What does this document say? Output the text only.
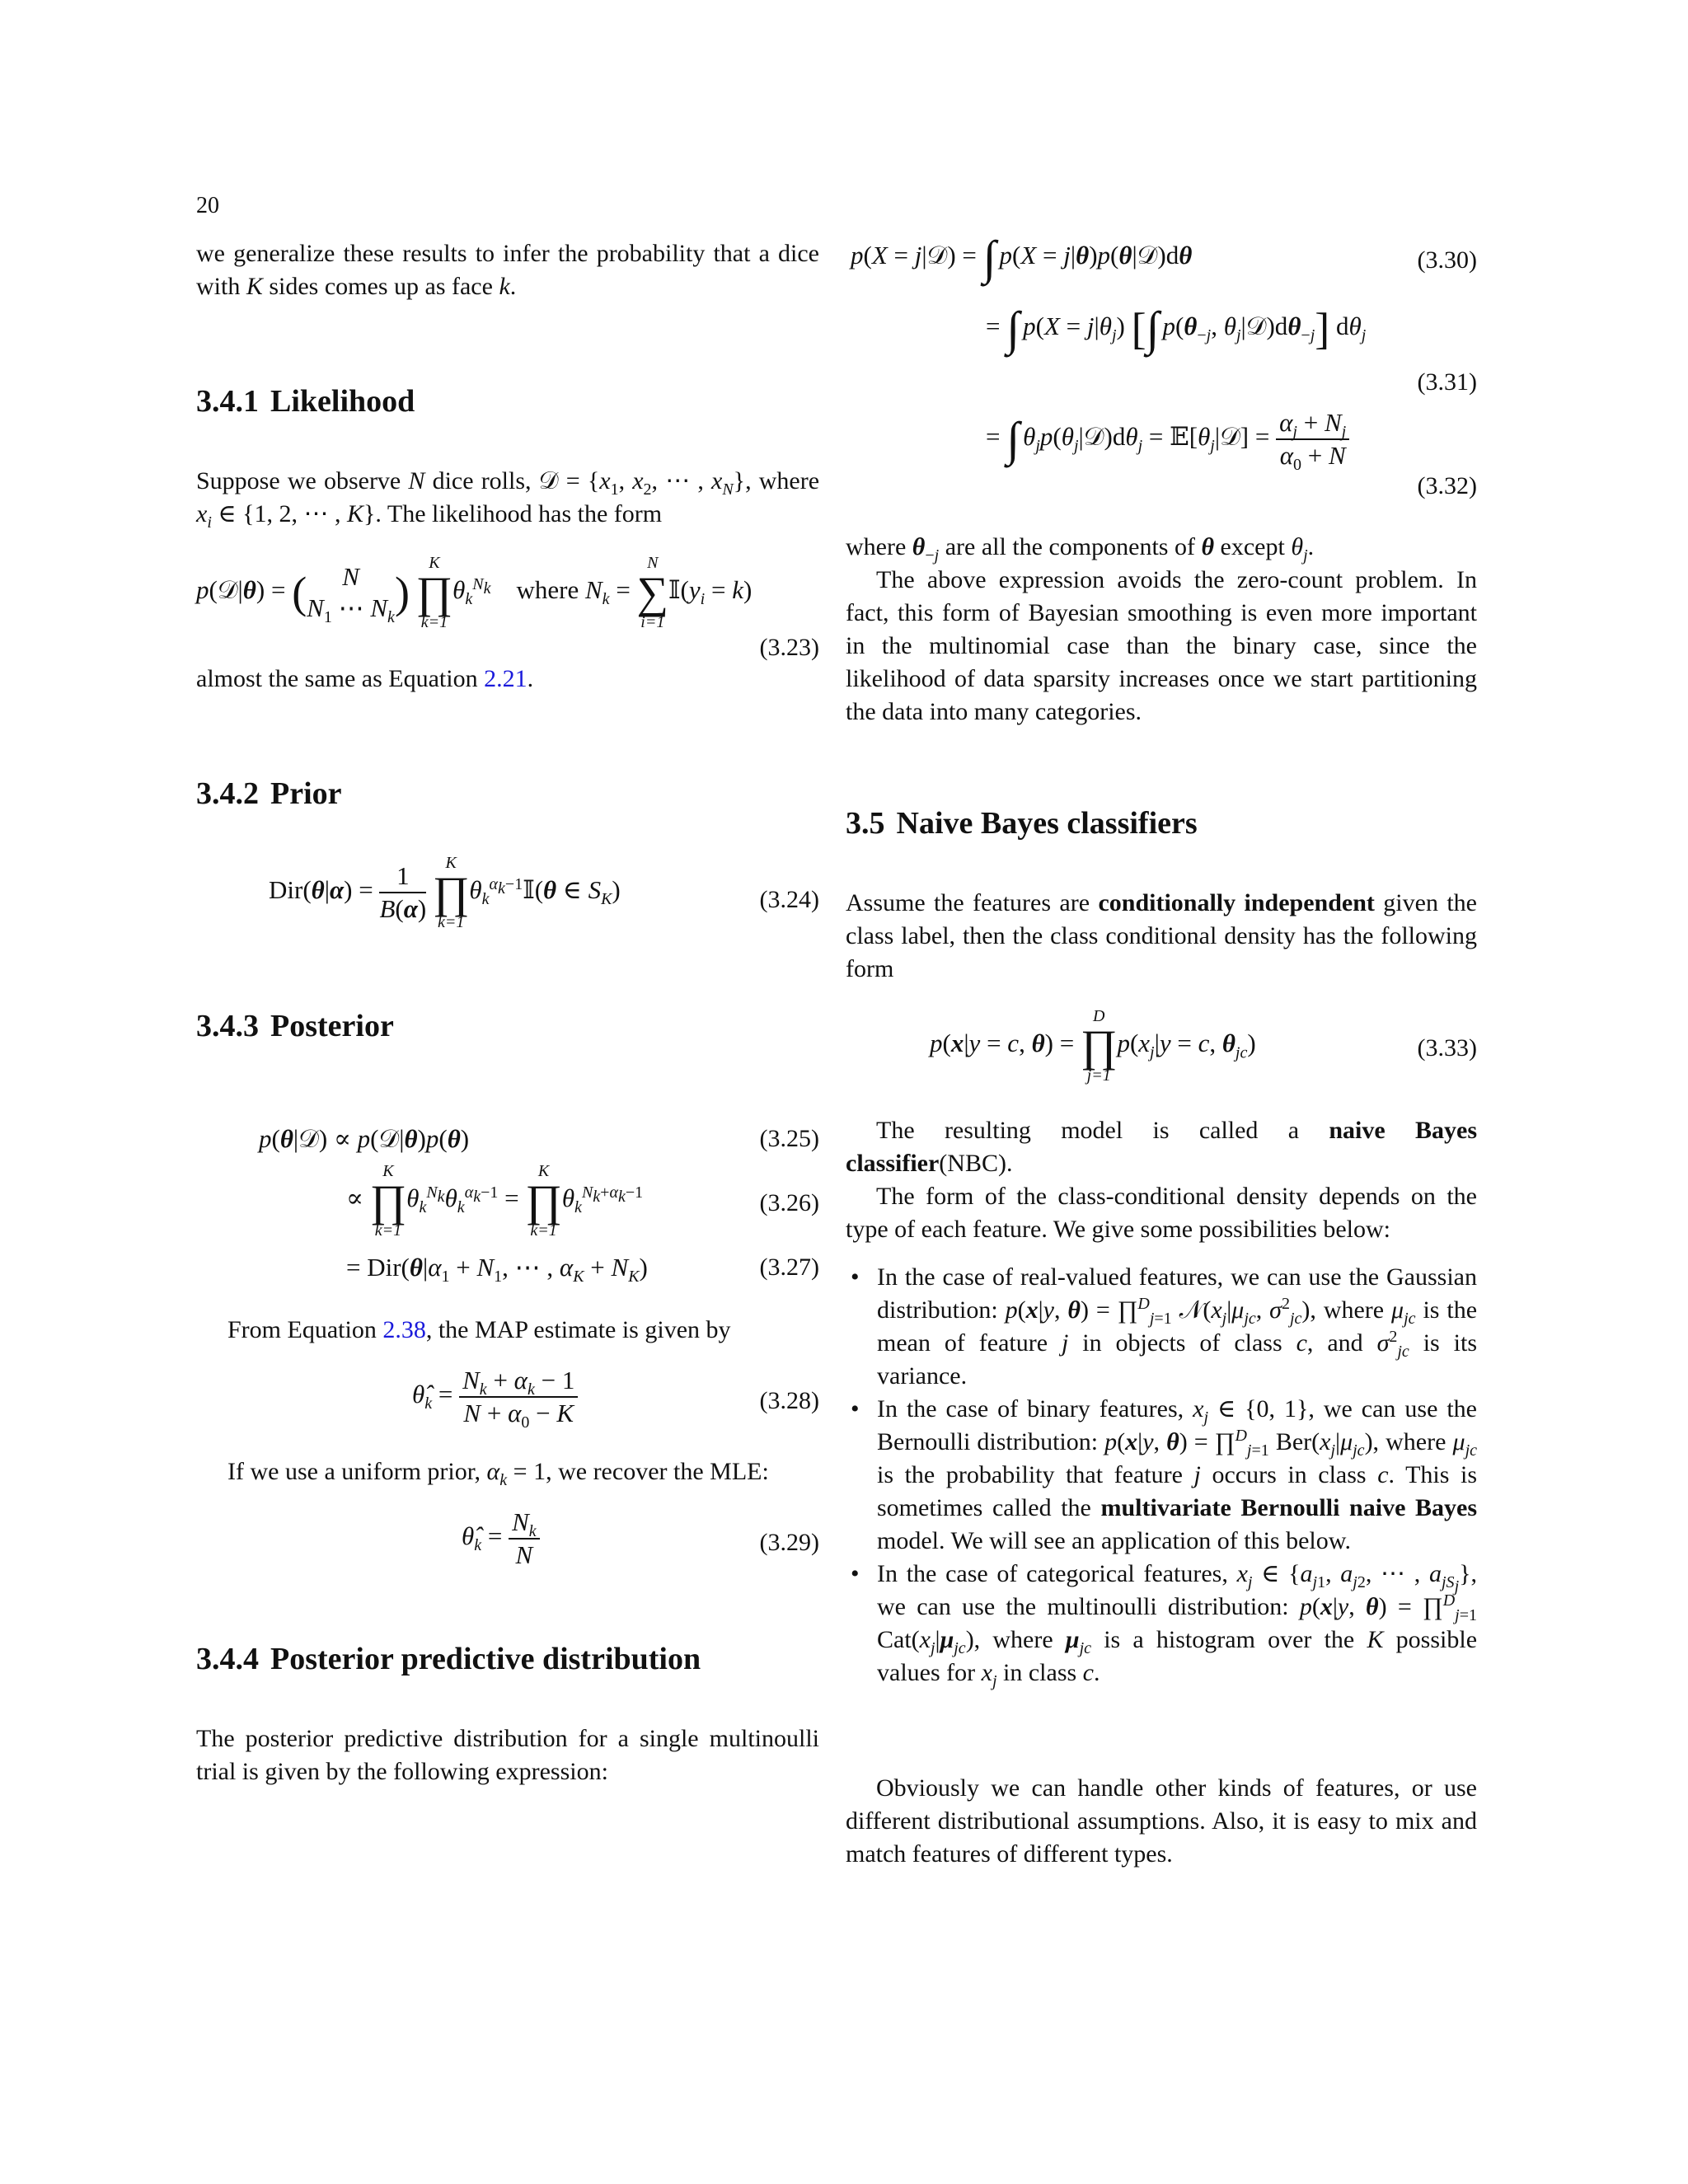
20

we generalize these results to infer the probability that a dice with K sides comes up as face k.

3.4.1 Likelihood

Suppose we observe N dice rolls, 𝒟 = {$x_1$, $x_2$, ⋯ , $x_N$}, where $x_i$ ∈ {1, 2, ⋯ , K}. The likelihood has the form

p(𝒟|θ) = (	N
$N_1$ ⋯ $N_k$
)
K
∏
k=1
$\theta_k^{N_k}$    where $N_k$ =
N
∑
i=1
$𝕀(y_i = k)$
(3.23)

almost the same as Equation 2.21.

3.4.2 Prior
$Dir(\theta|\alpha) = \frac{1}{B(\alpha)}$
	K
∏
k=1
$\theta_k^{\alpha_k-1}𝕀(\theta$ ∈ $S_K$)	(3.24)
3.4.3 Posterior
p(θ|𝒟) ∝ p(𝒟|θ)p(θ)	(3.25)
∝
K
∏
k=1
$\theta_k^{N_k}\theta_k^{\alpha_k-1}$ =
K
∏
k=1
$\theta_k^{N_k+\alpha_k-1}$	(3.26)
= $Dir(\theta|\alpha_1 + N_1$, ⋯ , $\alpha_K + N_K$)	(3.27)

From Equation 2.38, the MAP estimate is given by

$\thetâ_k = \frac{N_k + \alpha_k - 1}{N + \alpha_0 - K}$	(3.28)

If we use a uniform prior, $\alpha_k = 1$, we recover the MLE:

$\thetâ_k = \frac{N_k}{N}$	(3.29)
3.4.4 Posterior predictive distribution

The posterior predictive distribution for a single multinoulli trial is given by the following expression:

p(X = j|𝒟) = ∫ p(X = j|θ)p(θ|𝒟)dθ	(3.30)
= ∫ $p(X = j|\theta_j)$ [∫ $p(\theta_{-j}$, $\theta_j|𝒟)d\theta_{-j}$] $d\theta_j$
(3.31)
= ∫ $\theta_jp(\theta_j|𝒟)d\theta_j$ = $𝔼[\theta_j|𝒟] = \frac{\alpha_j + N_j}{\alpha_0 + N}$
(3.32)

where $\theta_{-j}$ are all the components of θ except $\theta_j$.

The above expression avoids the zero-count problem. In fact, this form of Bayesian smoothing is even more important in the multinomial case than the binary case, since the likelihood of data sparsity increases once we start partitioning the data into many categories.

3.5 Naive Bayes classifiers

Assume the features are conditionally independent given the class label, then the class conditional density has the following form

p(x|y = c, θ) =
D
∏
j=1
$p(x_j|y = c$, $\theta_{jc}$)	(3.33)

The resulting model is called a naive Bayes classifier(NBC).

The form of the class-conditional density depends on the type of each feature. We give some possibilities below:

• In the case of real-valued features, we can use the Gaussian distribution: p(x|y, θ) = ∏$^D_{j=1}$ $𝒩(x_j|\mu_{jc}$, $\sigma^2_{jc}$), where $\mu_{jc}$ is the mean of feature j in objects of class c, and $\sigma^2_{jc}$ is its variance.
• In the case of binary features, $x_j$ ∈ {0, 1}, we can use the Bernoulli distribution: p(x|y, θ) = ∏$^D_{j=1}$ $Ber(x_j|\mu_{jc})$, where $\mu_{jc}$ is the probability that feature j occurs in class c. This is sometimes called the multivariate Bernoulli naive Bayes model. We will see an application of this below.
• In the case of categorical features, $x_j$ ∈ {$a_{j1}$, $a_{j2}$, ⋯ , $a_{jS_j}$}, we can use the multinoulli distribution: p(x|y, θ) = ∏$^D_{j=1}$ $Cat(x_j|\mu_{jc})$, where $\mu_{jc}$ is a histogram over the K possible values for $x_j$ in class c.

Obviously we can handle other kinds of features, or use different distributional assumptions. Also, it is easy to mix and match features of different types.
